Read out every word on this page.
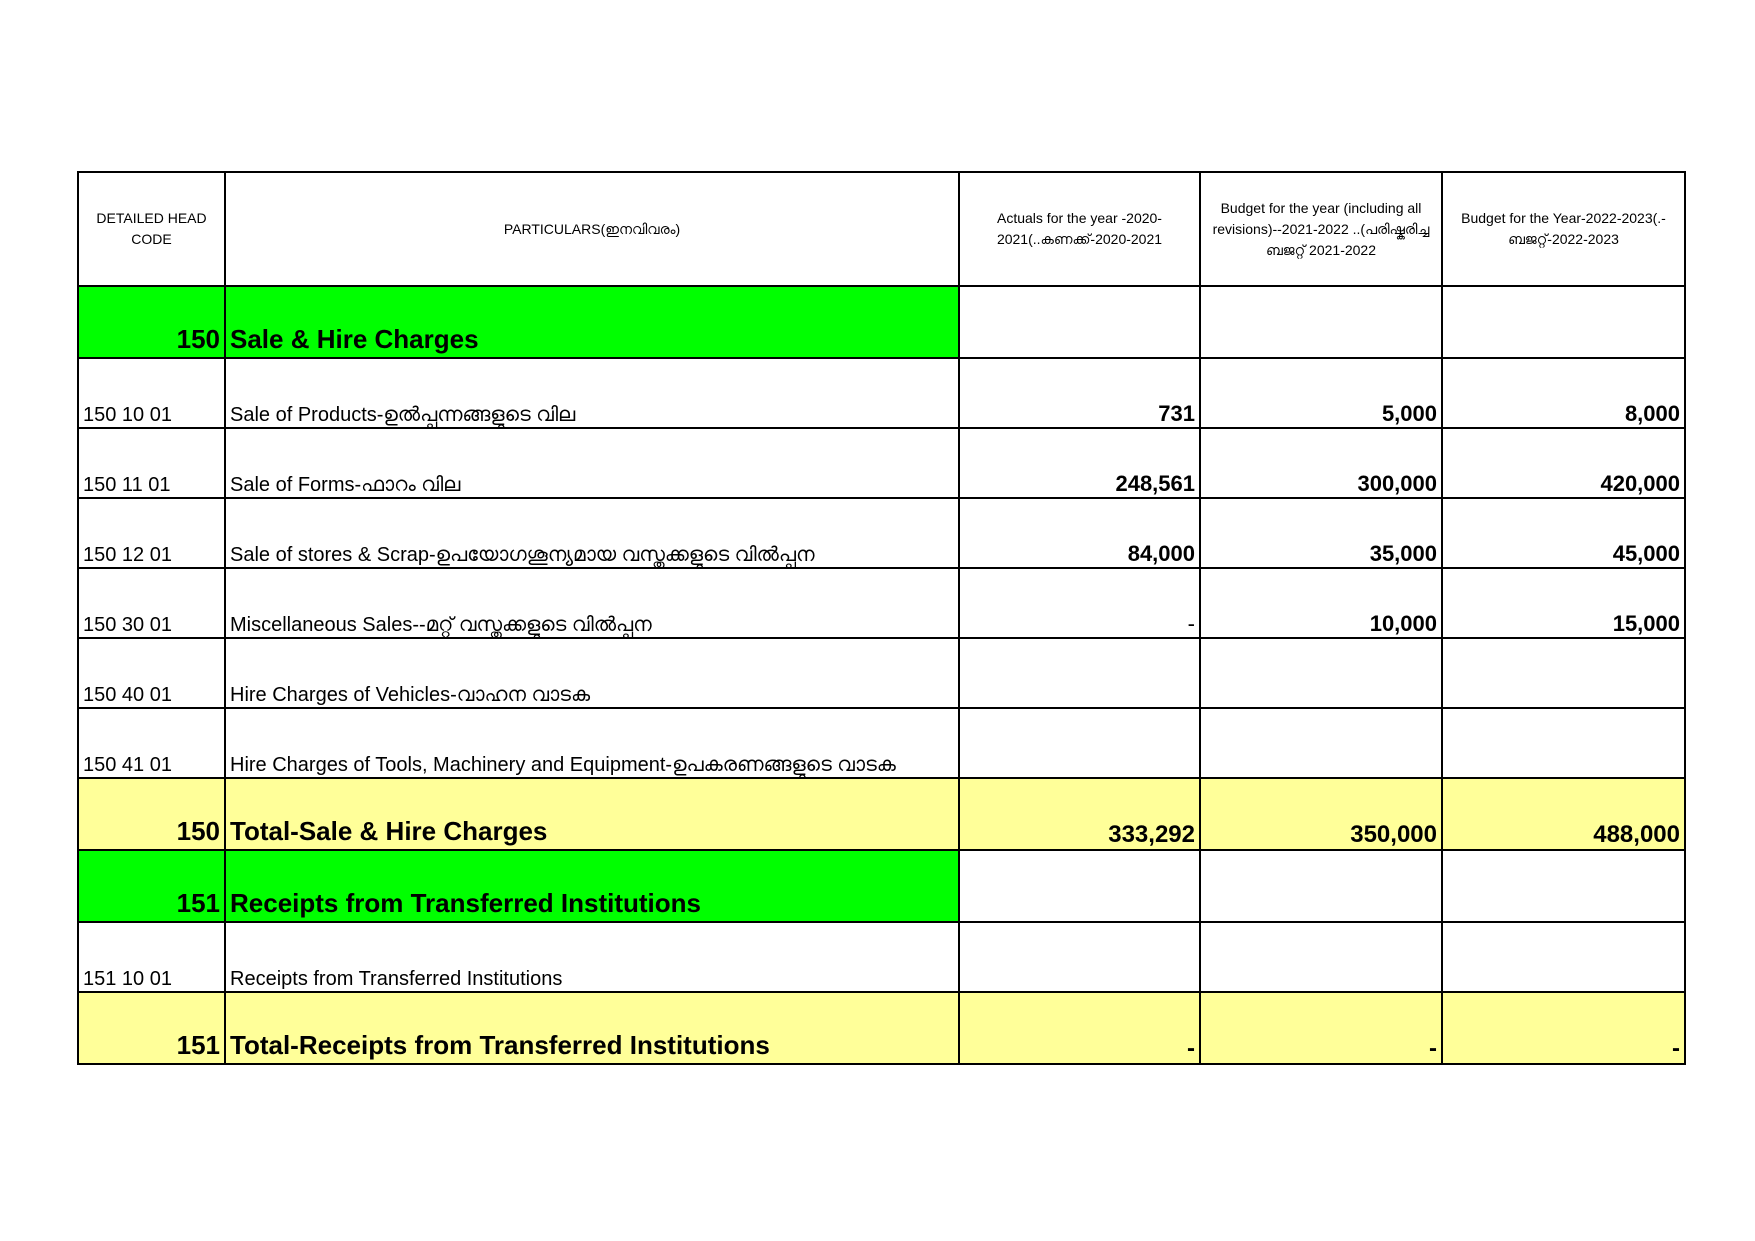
DETAILED HEAD CODE	PARTICULARS(ഇനവിവരം)	Actuals for the year -2020-2021(..കണക്ക്-2020-2021	Budget for the year (including all revisions)--2021-2022 ..(പരിഷ്കരിച്ച ബജറ്റ് 2021-2022	Budget for the Year-2022-2023(.-ബജറ്റ്-2022-2023
150	Sale & Hire Charges			
150 10 01	Sale of Products-ഉൽപ്പന്നങ്ങളുടെ വില	731	5,000	8,000
150 11 01	Sale of Forms-ഫാറം വില	248,561	300,000	420,000
150 12 01	Sale of stores & Scrap-ഉപയോഗശൂന്യമായ വസ്തുക്കളുടെ വിൽപ്പന	84,000	35,000	45,000
150 30 01	Miscellaneous Sales--മറ്റ് വസ്തുക്കളുടെ വിൽപ്പന	-	10,000	15,000
150 40 01	Hire Charges of Vehicles-വാഹന വാടക			
150 41 01	Hire Charges of Tools, Machinery and Equipment-ഉപകരണങ്ങളുടെ വാടക			
150	Total-Sale & Hire Charges	333,292	350,000	488,000
151	Receipts from Transferred Institutions			
151 10 01	Receipts from Transferred Institutions			
151	Total-Receipts from Transferred Institutions	-	-	-
